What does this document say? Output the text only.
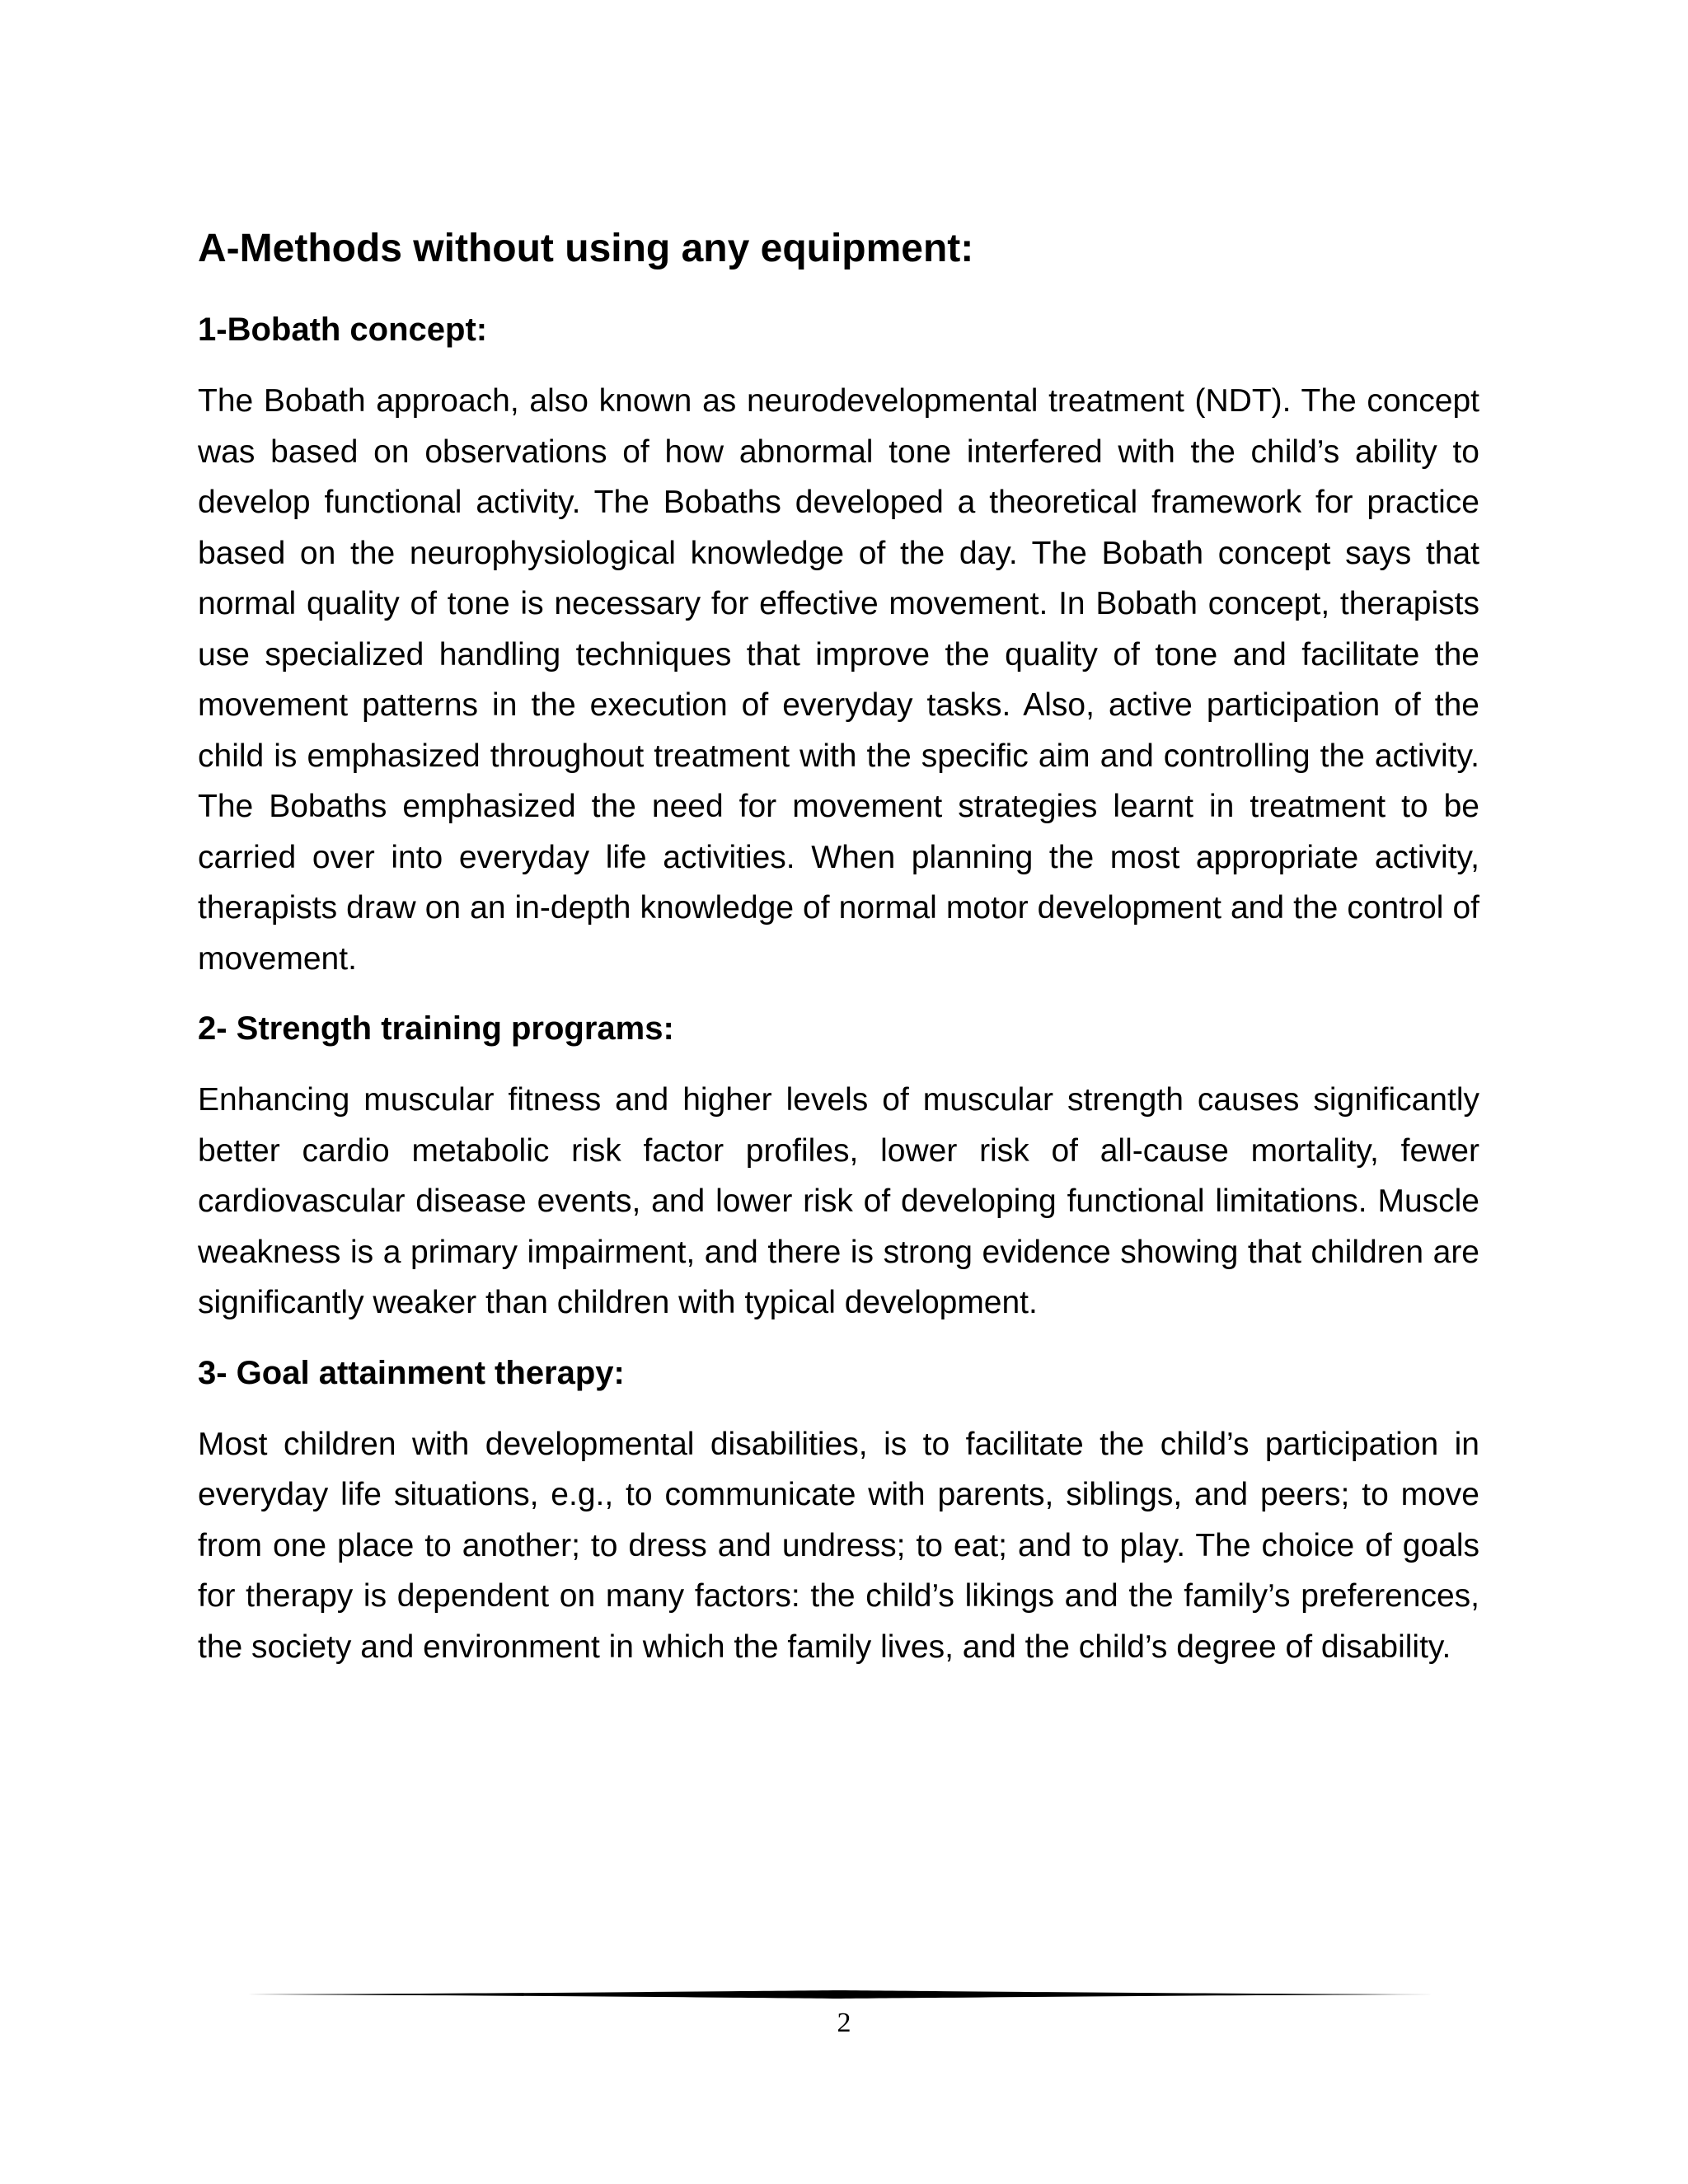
A-Methods without using any equipment:
1-Bobath concept:

The Bobath approach, also known as neurodevelopmental treatment (NDT). The concept was based on observations of how abnormal tone interfered with the child’s ability to develop functional activity. The Bobaths developed a theoretical framework for practice based on the neurophysiological knowledge of the day. The Bobath concept says that normal quality of tone is necessary for effective movement. In Bobath concept, therapists use specialized handling techniques that improve the quality of tone and facilitate the movement patterns in the execution of everyday tasks. Also, active participation of the child is emphasized throughout treatment with the specific aim and controlling the activity. The Bobaths emphasized the need for movement strategies learnt in treatment to be carried over into everyday life activities. When planning the most appropriate activity, therapists draw on an in-depth knowledge of normal motor development and the control of movement.

2- Strength training programs:

Enhancing muscular fitness and higher levels of muscular strength causes significantly better cardio metabolic risk factor profiles, lower risk of all-cause mortality, fewer cardiovascular disease events, and lower risk of developing functional limitations. Muscle weakness is a primary impairment, and there is strong evidence showing that children are significantly weaker than children with typical development.

3- Goal attainment therapy:

Most children with developmental disabilities, is to facilitate the child’s participation in everyday life situations, e.g., to communicate with parents, siblings, and peers; to move from one place to another; to dress and undress; to eat; and to play. The choice of goals for therapy is dependent on many factors: the child’s likings and the family’s preferences, the society and environment in which the family lives, and the child’s degree of disability.

2
